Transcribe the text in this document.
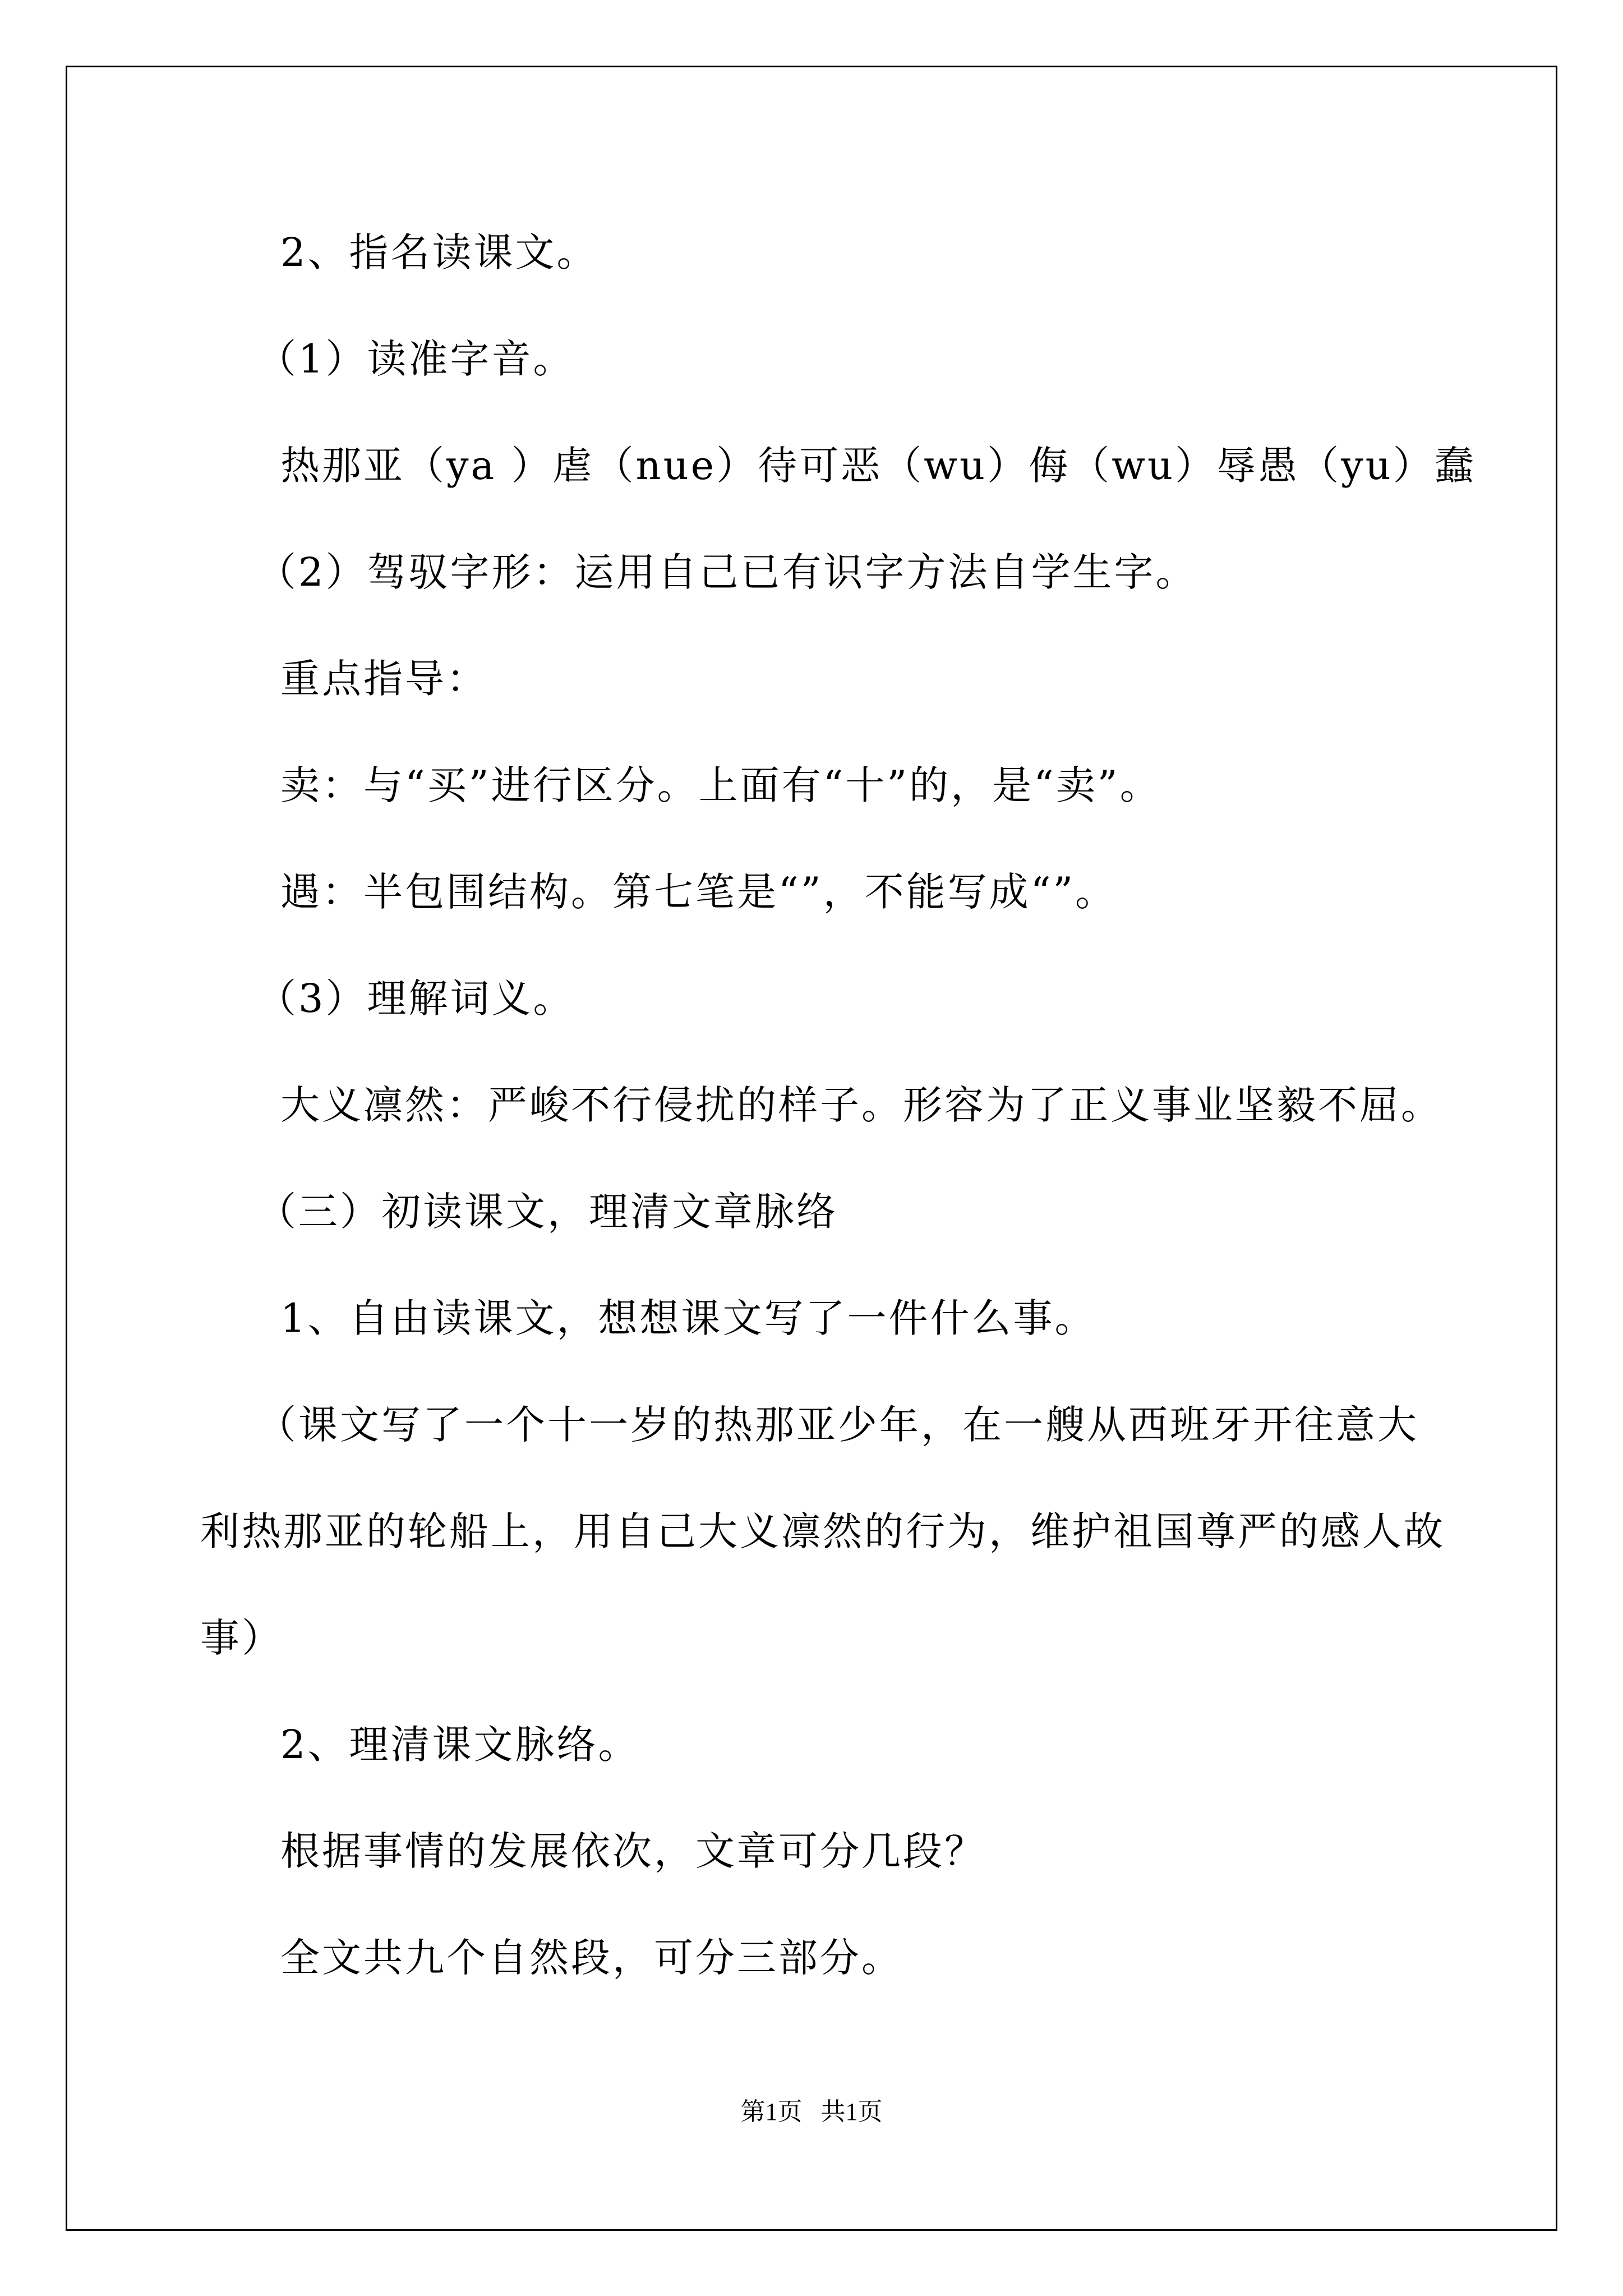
2、指名读课文。
（1）读准字音。
热那亚（ya ）虐（nue）待可恶（wu）侮（wu）辱愚（yu）蠢
（2）驾驭字形：运用自己已有识字方法自学生字。
重点指导：
卖：与“买”进行区分。上面有“十”的，是“卖”。
遇：半包围结构。第七笔是“”，不能写成“”。
（3）理解词义。
大义凛然：严峻不行侵扰的样子。形容为了正义事业坚毅不屈。
（三）初读课文，理清文章脉络
1、自由读课文，想想课文写了一件什么事。
（课文写了一个十一岁的热那亚少年，在一艘从西班牙开往意大
利热那亚的轮船上，用自己大义凛然的行为，维护祖国尊严的感人故
事）
2、理清课文脉络。
根据事情的发展依次，文章可分几段？
全文共九个自然段，可分三部分。
第1页   共1页
